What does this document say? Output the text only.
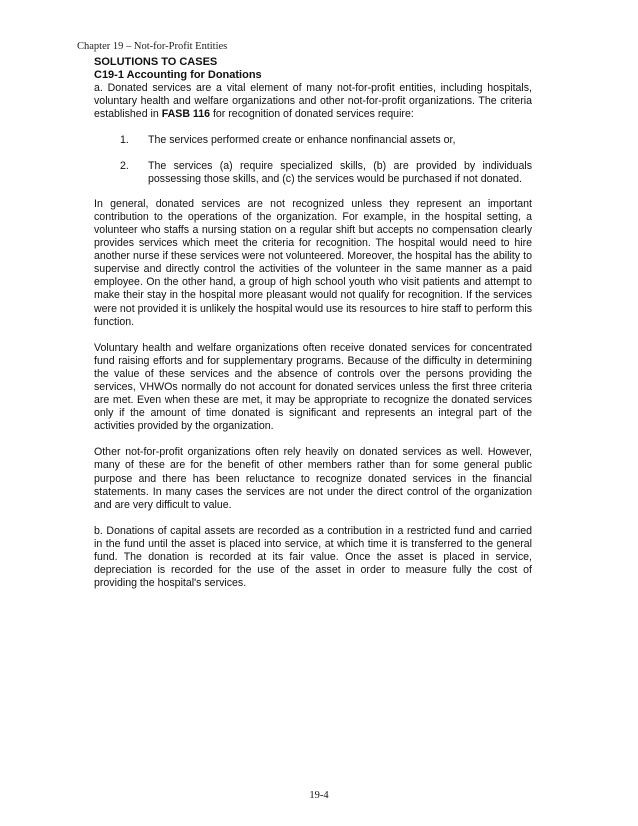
Chapter 19 – Not-for-Profit Entities

SOLUTIONS TO CASES

C19-1 Accounting for Donations

a. Donated services are a vital element of many not-for-profit entities, including hospitals, voluntary health and welfare organizations and other not-for-profit organizations. The criteria established in FASB 116 for recognition of donated services require:

1.	The services performed create or enhance nonfinancial assets or,
2.	The services (a) require specialized skills, (b) are provided by individuals possessing those skills, and (c) the services would be purchased if not donated.

In general, donated services are not recognized unless they represent an important contribution to the operations of the organization. For example, in the hospital setting, a volunteer who staffs a nursing station on a regular shift but accepts no compensation clearly provides services which meet the criteria for recognition. The hospital would need to hire another nurse if these services were not volunteered. Moreover, the hospital has the ability to supervise and directly control the activities of the volunteer in the same manner as a paid employee. On the other hand, a group of high school youth who visit patients and attempt to make their stay in the hospital more pleasant would not qualify for recognition. If the services were not provided it is unlikely the hospital would use its resources to hire staff to perform this function.

Voluntary health and welfare organizations often receive donated services for concentrated fund raising efforts and for supplementary programs. Because of the difficulty in determining the value of these services and the absence of controls over the persons providing the services, VHWOs normally do not account for donated services unless the first three criteria are met. Even when these are met, it may be appropriate to recognize the donated services only if the amount of time donated is significant and represents an integral part of the activities provided by the organization.

Other not-for-profit organizations often rely heavily on donated services as well. However, many of these are for the benefit of other members rather than for some general public purpose and there has been reluctance to recognize donated services in the financial statements. In many cases the services are not under the direct control of the organization and are very difficult to value.

b. Donations of capital assets are recorded as a contribution in a restricted fund and carried in the fund until the asset is placed into service, at which time it is transferred to the general fund. The donation is recorded at its fair value. Once the asset is placed in service, depreciation is recorded for the use of the asset in order to measure fully the cost of providing the hospital's services.

19-4
